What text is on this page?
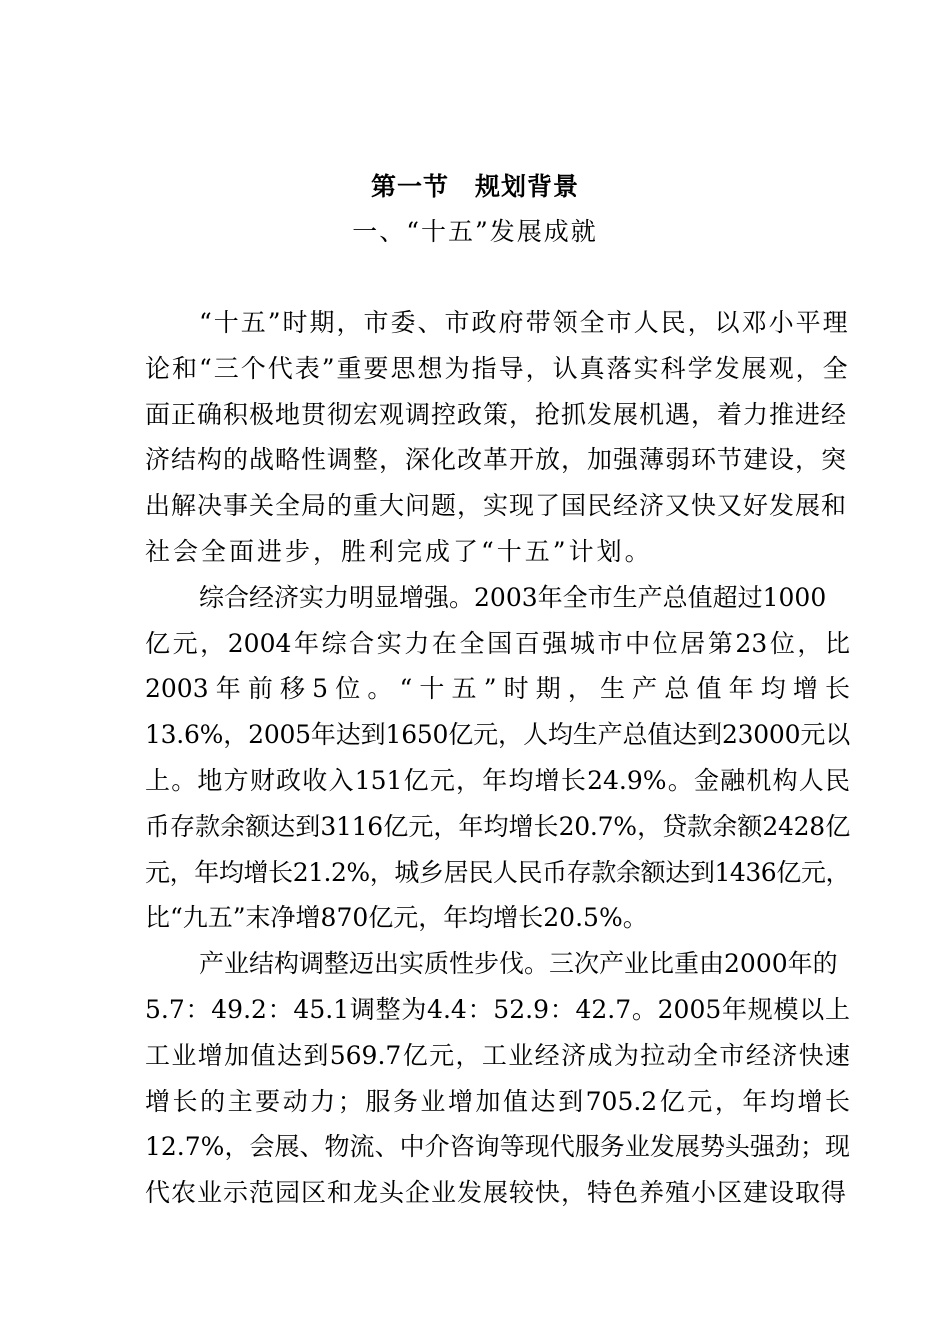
第一节　规划背景
一、“十五”发展成就
“十五”时期，市委、市政府带领全市人民，以邓小平理
论和“三个代表”重要思想为指导，认真落实科学发展观，全
面正确积极地贯彻宏观调控政策，抢抓发展机遇，着力推进经
济结构的战略性调整，深化改革开放，加强薄弱环节建设，突
出解决事关全局的重大问题，实现了国民经济又快又好发展和
社会全面进步，胜利完成了“十五”计划。
综合经济实力明显增强。2003年全市生产总值超过1000
亿元，2004年综合实力在全国百强城市中位居第23位，比
2003年前移5位。“十五”时期，生产总值年均增长
13.6%，2005年达到1650亿元，人均生产总值达到23000元以
上。地方财政收入151亿元，年均增长24.9%。金融机构人民
币存款余额达到3116亿元，年均增长20.7%，贷款余额2428亿
元，年均增长21.2%，城乡居民人民币存款余额达到1436亿元，
比“九五”末净增870亿元，年均增长20.5%。
产业结构调整迈出实质性步伐。三次产业比重由2000年的
5.7：49.2：45.1调整为4.4：52.9：42.7。2005年规模以上
工业增加值达到569.7亿元，工业经济成为拉动全市经济快速
增长的主要动力；服务业增加值达到705.2亿元，年均增长
12.7%，会展、物流、中介咨询等现代服务业发展势头强劲；现
代农业示范园区和龙头企业发展较快，特色养殖小区建设取得
